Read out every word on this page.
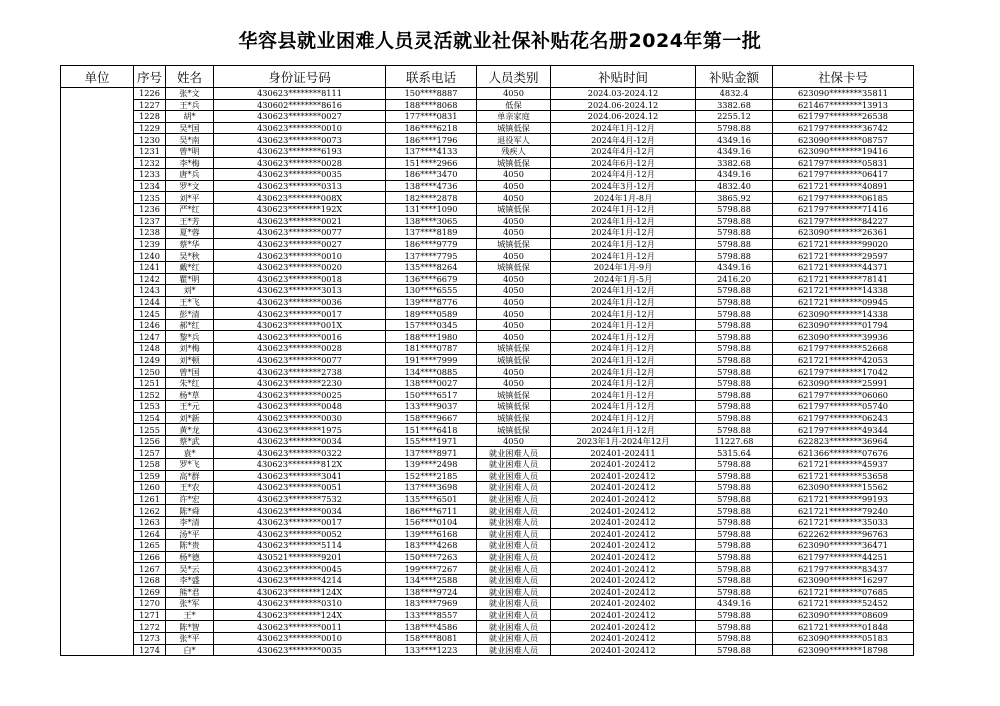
华容县就业困难人员灵活就业社保补贴花名册2024年第一批
单位	序号	姓名	身份证号码	联系电话	人员类别	补贴时间	补贴金额	社保卡号
	1226	张*文	430623********8111	150****8887	4050	2024.03-2024.12	4832.4	623090********35811
	1227	王*兵	430602********8616	188****8068	低保	2024.06-2024.12	3382.68	621467********13913
	1228	胡*	430623********0027	177****0831	单亲家庭	2024.06-2024.12	2255.12	621797********26538
	1229	吴*国	430623********0010	186****6218	城镇低保	2024年1月-12月	5798.88	621797********36742
	1230	吴*南	430623********0073	186****1796	退役军人	2024年4月-12月	4349.16	623090********08757
	1231	曾*明	430623********6193	137****4133	残疾人	2024年4月-12月	4349.16	623090********19416
	1232	李*梅	430623********0028	151****2966	城镇低保	2024年6月-12月	3382.68	621797********05831
	1233	唐*兵	430623********0035	186****3470	4050	2024年4月-12月	4349.16	621797********06417
	1234	罗*文	430623********0313	138****4736	4050	2024年3月-12月	4832.40	621721********40891
	1235	刘*平	430623********008X	182****2878	4050	2024年1月-8月	3865.92	621797********06185
	1236	严*红	430623********192X	131****1090	城镇低保	2024年1月-12月	5798.88	621797********71416
	1237	王*芳	430623********0021	138****3065	4050	2024年1月-12月	5798.88	621797********84227
	1238	夏*蓉	430623********0077	137****8189	4050	2024年1月-12月	5798.88	623090********26361
	1239	蔡*华	430623********0027	186****9779	城镇低保	2024年1月-12月	5798.88	621721********99020
	1240	吴*秋	430623********0010	137****7795	4050	2024年1月-12月	5798.88	621721********29597
	1241	戴*红	430623********0020	135****8264	城镇低保	2024年1月-9月	4349.16	621721********44371
	1242	瞿*明	430623********0018	136****6679	4050	2024年1月-5月	2416.20	621721********78141
	1243	刘*	430623********3013	130****6555	4050	2024年1月-12月	5798.88	621721********14338
	1244	王*飞	430623********0036	139****8776	4050	2024年1月-12月	5798.88	621721********09945
	1245	彭*清	430623********0017	189****0589	4050	2024年1月-12月	5798.88	623090********14338
	1246	郝*红	430623********001X	157****0345	4050	2024年1月-12月	5798.88	623090********01794
	1247	黎*兵	430623********0016	188****1980	4050	2024年1月-12月	5798.88	623090********39936
	1248	刘*梅	430623********0028	181****0787	城镇低保	2024年1月-12月	5798.88	621797********52668
	1249	刘*顿	430623********0077	191****7999	城镇低保	2024年1月-12月	5798.88	621721********42053
	1250	曾*国	430623********2738	134****0885	4050	2024年1月-12月	5798.88	621797********17042
	1251	朱*红	430623********2230	138****0027	4050	2024年1月-12月	5798.88	623090********25991
	1252	杨*草	430623********0025	150****6517	城镇低保	2024年1月-12月	5798.88	621797********06060
	1253	王*元	430623********0048	133****9037	城镇低保	2024年1月-12月	5798.88	621797********05740
	1254	刘*新	430623********0030	158****9667	城镇低保	2024年1月-12月	5798.88	621797********06243
	1255	黄*龙	430623********1975	151****6418	城镇低保	2024年1月-12月	5798.88	621797********49344
	1256	蔡*武	430623********0034	155****1971	4050	2023年1月-2024年12月	11227.68	622823********36964
	1257	袁*	430623********0322	137****8971	就业困难人员	202401-202411	5315.64	621366********07676
	1258	罗*飞	430623********812X	139****2498	就业困难人员	202401-202412	5798.88	621721********45937
	1259	高*群	430623********3041	152****2185	就业困难人员	202401-202412	5798.88	621721********53658
	1260	王*农	430623********0051	137****3698	就业困难人员	202401-202412	5798.88	623090********15562
	1261	许*宏	430623********7532	135****6501	就业困难人员	202401-202412	5798.88	621721********99193
	1262	陈*舜	430623********0034	186****6711	就业困难人员	202401-202412	5798.88	621721********79240
	1263	李*清	430623********0017	156****0104	就业困难人员	202401-202412	5798.88	621721********35033
	1264	汤*平	430623********0052	139****6168	就业困难人员	202401-202412	5798.88	622262********96763
	1265	陈*贵	430623********5114	183****4268	就业困难人员	202401-202412	5798.88	623090********36471
	1266	杨*德	430521********9201	150****7263	就业困难人员	202401-202412	5798.88	621797********44251
	1267	吴*云	430623********0045	199****7267	就业困难人员	202401-202412	5798.88	621797********83437
	1268	李*盛	430623********4214	134****2588	就业困难人员	202401-202412	5798.88	623090********16297
	1269	熊*君	430623********124X	138****9724	就业困难人员	202401-202412	5798.88	621721********07685
	1270	张*军	430623********0310	183****7969	就业困难人员	202401-202402	4349.16	621721********52452
	1271	王*	430623********124X	133****8557	就业困难人员	202401-202412	5798.88	623090********08609
	1272	陈*智	430623********0011	138****4586	就业困难人员	202401-202412	5798.88	621721********01848
	1273	张*平	430623********0010	158****8081	就业困难人员	202401-202412	5798.88	623090********05183
	1274	白*	430623********0035	133****1223	就业困难人员	202401-202412	5798.88	623090********18798
